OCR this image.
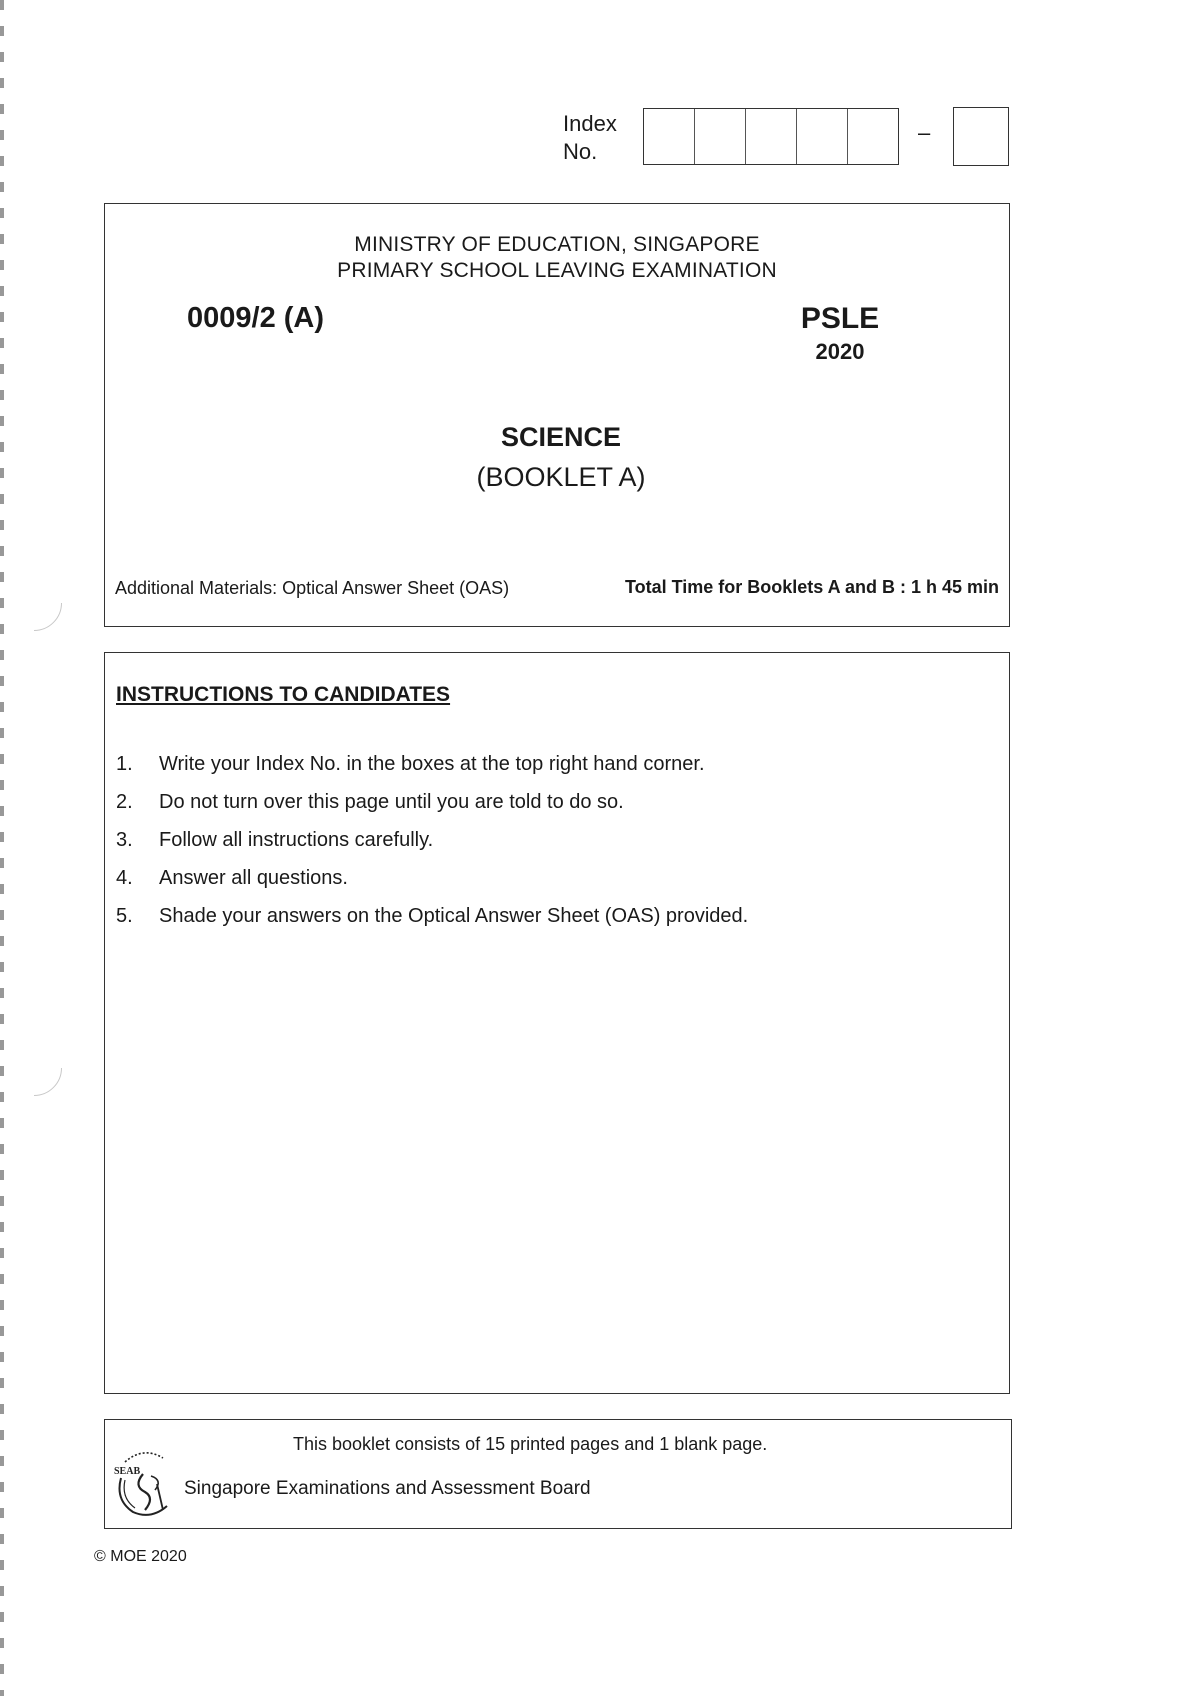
Index
No.
–
MINISTRY OF EDUCATION, SINGAPORE
PRIMARY SCHOOL LEAVING EXAMINATION
0009/2 (A)	PSLE
2020
SCIENCE
(BOOKLET A)
Additional Materials: Optical Answer Sheet (OAS)	Total Time for Booklets A and B : 1 h 45 min
INSTRUCTIONS TO CANDIDATES
1.	Write your Index No. in the boxes at the top right hand corner.
2.	Do not turn over this page until you are told to do so.
3.	Follow all instructions carefully.
4.	Answer all questions.
5.	Shade your answers on the Optical Answer Sheet (OAS) provided.
This booklet consists of 15 printed pages and 1 blank page.
SEAB
Singapore Examinations and Assessment Board
© MOE 2020
